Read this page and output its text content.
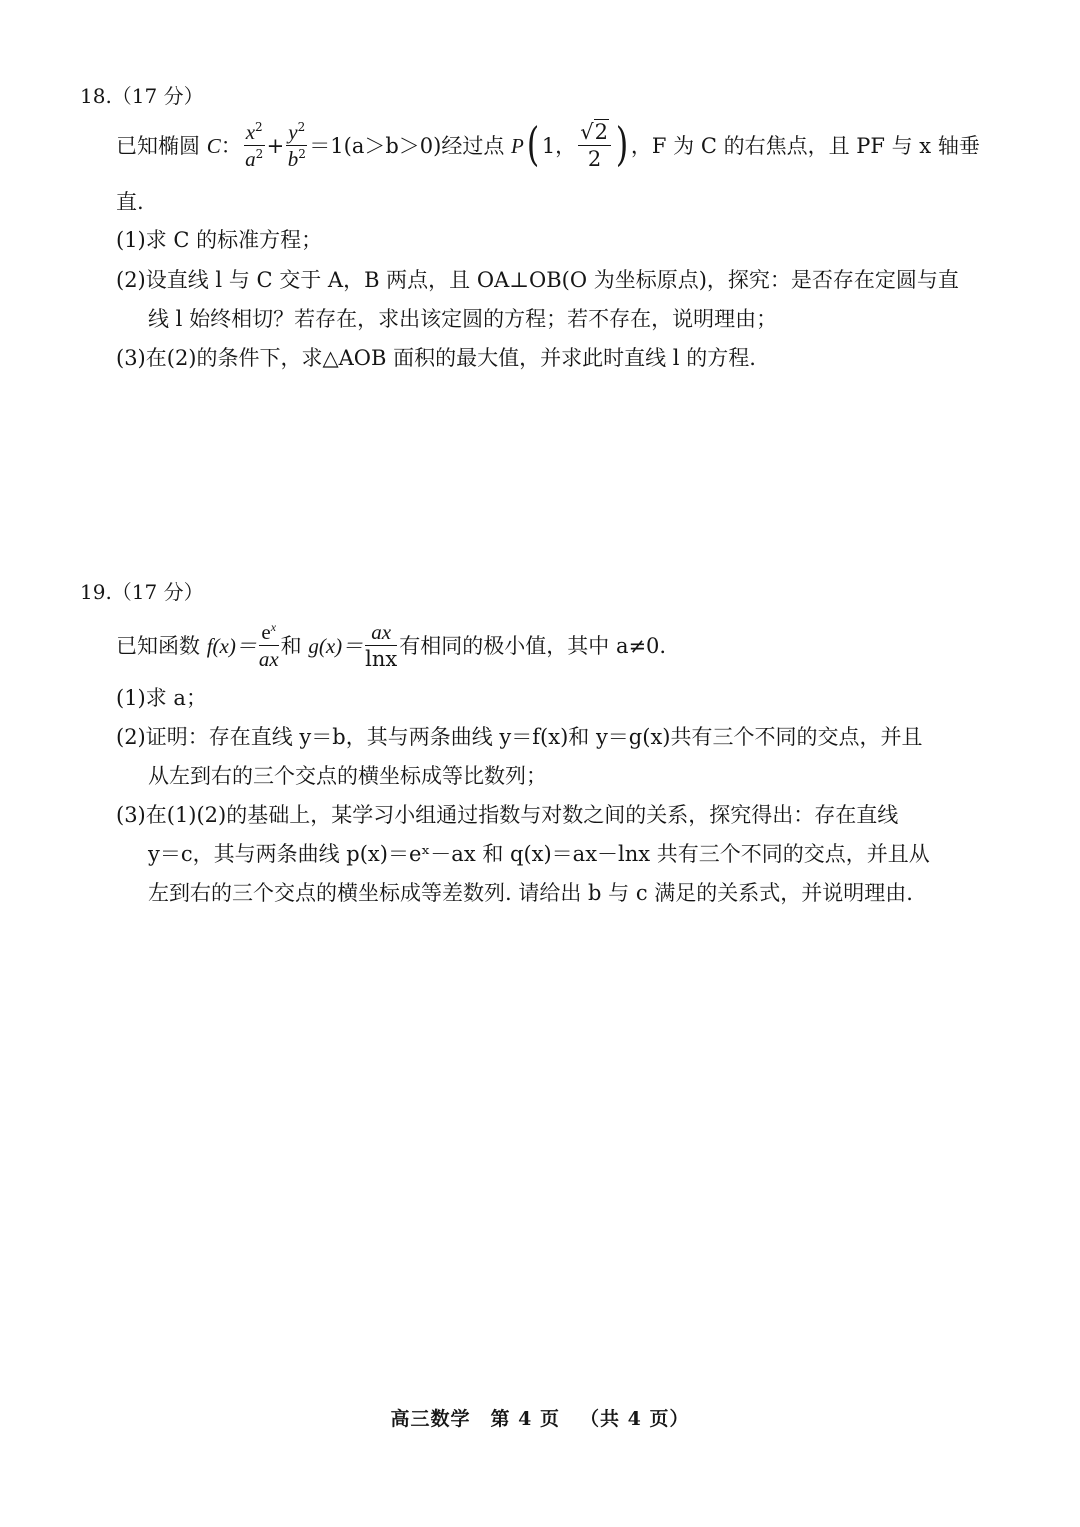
18.（17 分）
已知椭圆 C： $\frac{x^2}{a^2} + \frac{y^2}{b^2} =1(a>b>0)$经过点 P( 1， $\frac{√2}{2}$ ) ，F 为 C 的右焦点，且 PF 与 x 轴垂
直.
(1)求 C 的标准方程；
(2)设直线 l 与 C 交于 A，B 两点，且 OA⊥OB(O 为坐标原点)，探究：是否存在定圆与直
线 l 始终相切？若存在，求出该定圆的方程；若不存在，说明理由；
(3)在(2)的条件下，求△AOB 面积的最大值，并求此时直线 l 的方程.
19.（17 分）
已知函数 $f(x)= \frac{e^x}{ax}$ 和 $g(x)= \frac{ax}{\ln x}$ 有相同的极小值，其中 a≠0.
(1)求 a；
(2)证明：存在直线 y＝b，其与两条曲线 y＝f(x)和 y＝g(x)共有三个不同的交点，并且
从左到右的三个交点的横坐标成等比数列；
(3)在(1)(2)的基础上，某学习小组通过指数与对数之间的关系，探究得出：存在直线
y＝c，其与两条曲线 p(x)＝eˣ－ax 和 q(x)＝ax－lnx 共有三个不同的交点，并且从
左到右的三个交点的横坐标成等差数列. 请给出 b 与 c 满足的关系式，并说明理由.
高三数学 第 4 页 （共 4 页）
